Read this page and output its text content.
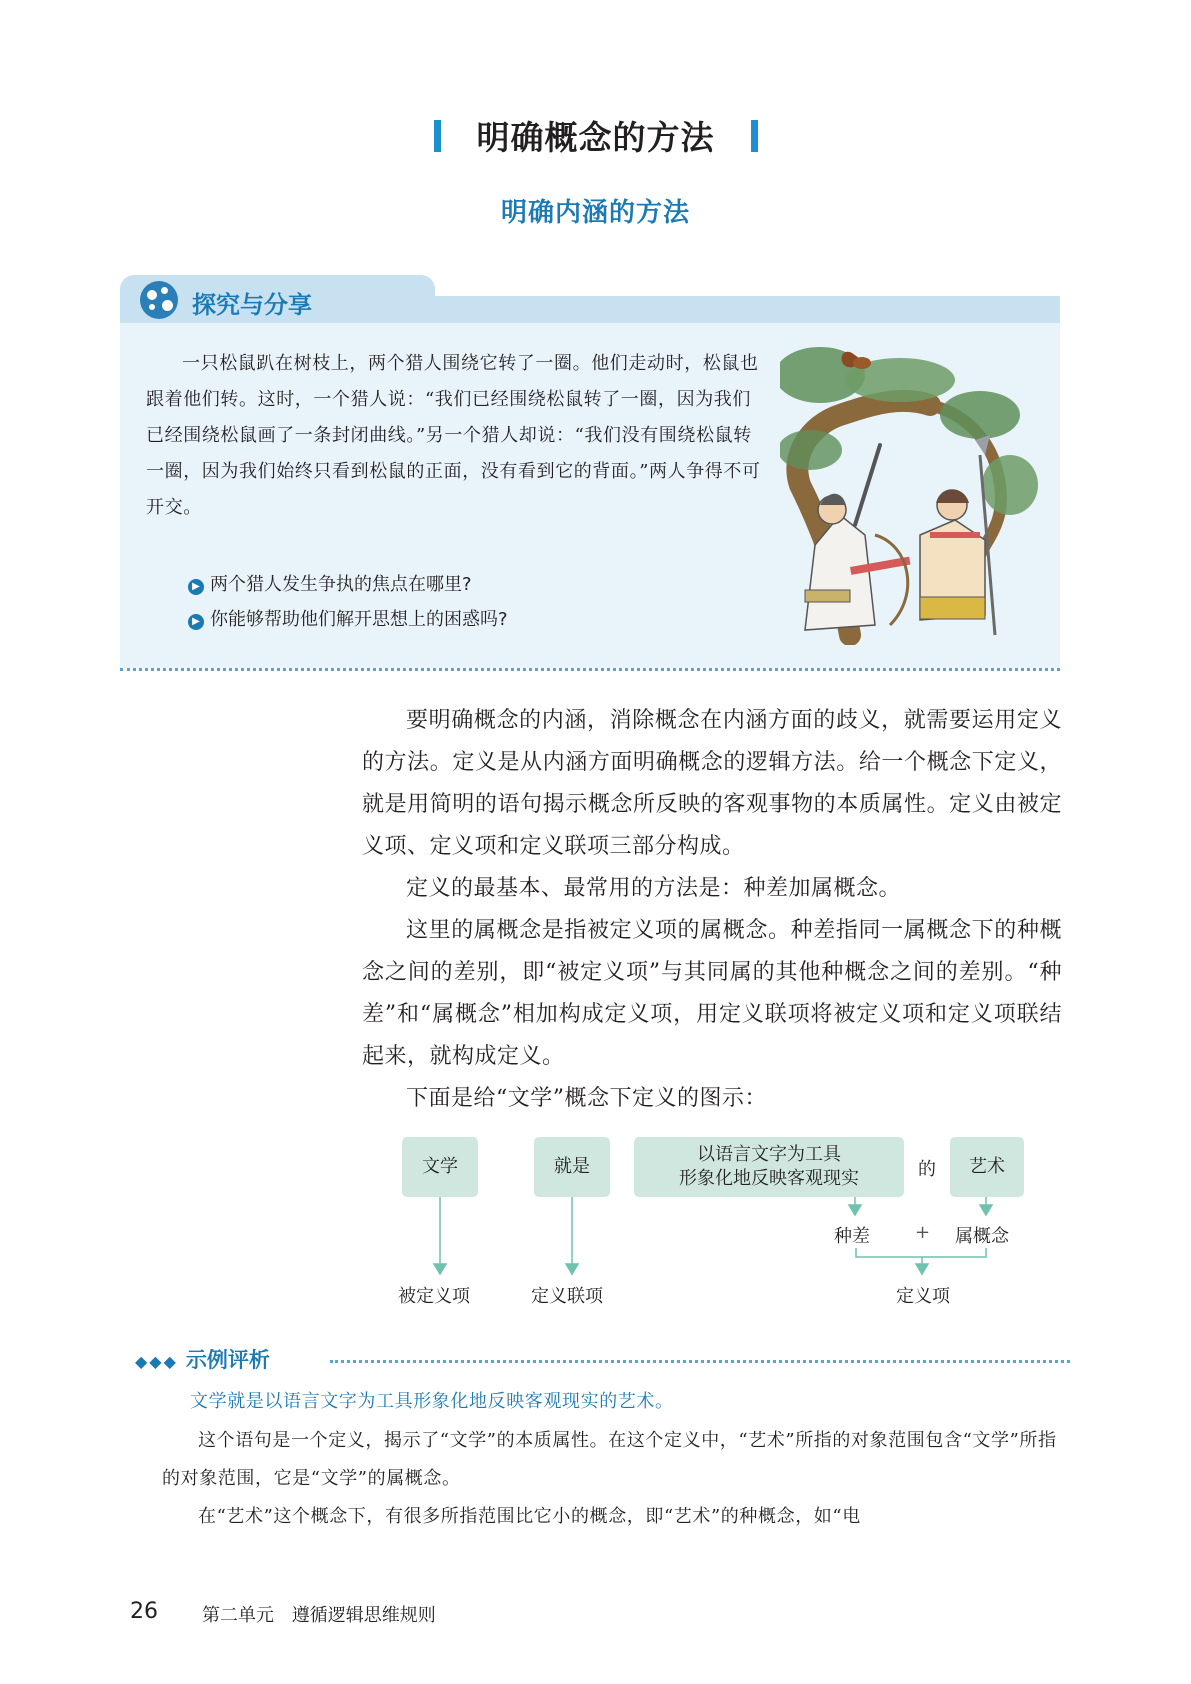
明确概念的方法
明确内涵的方法
探究与分享

一只松鼠趴在树枝上，两个猎人围绕它转了一圈。他们走动时，松鼠也跟着他们转。这时，一个猎人说：“我们已经围绕松鼠转了一圈，因为我们已经围绕松鼠画了一条封闭曲线。”另一个猎人却说：“我们没有围绕松鼠转一圈，因为我们始终只看到松鼠的正面，没有看到它的背面。”两人争得不可开交。

▶ 两个猎人发生争执的焦点在哪里?
▶ 你能够帮助他们解开思想上的困惑吗?

要明确概念的内涵，消除概念在内涵方面的歧义，就需要运用定义的方法。定义是从内涵方面明确概念的逻辑方法。给一个概念下定义，就是用简明的语句揭示概念所反映的客观事物的本质属性。定义由被定义项、定义项和定义联项三部分构成。

定义的最基本、最常用的方法是：种差加属概念。

这里的属概念是指被定义项的属概念。种差指同一属概念下的种概念之间的差别，即“被定义项”与其同属的其他种概念之间的差别。“种差”和“属概念”相加构成定义项，用定义联项将被定义项和定义项联结起来，就构成定义。

下面是给“文学”概念下定义的图示：

文学	就是
以语言文字为工具
形象化地反映客观现实	的	艺术
种差	+ 属概念
被定义项	定义联项	定义项
◆◆◆ 示例评析
文学就是以语言文字为工具形象化地反映客观现实的艺术。

这个语句是一个定义，揭示了“文学”的本质属性。在这个定义中，“艺术”所指的对象范围包含“文学”所指的对象范围，它是“文学”的属概念。

在“艺术”这个概念下，有很多所指范围比它小的概念，即“艺术”的种概念，如“电

26 第二单元 遵循逻辑思维规则
